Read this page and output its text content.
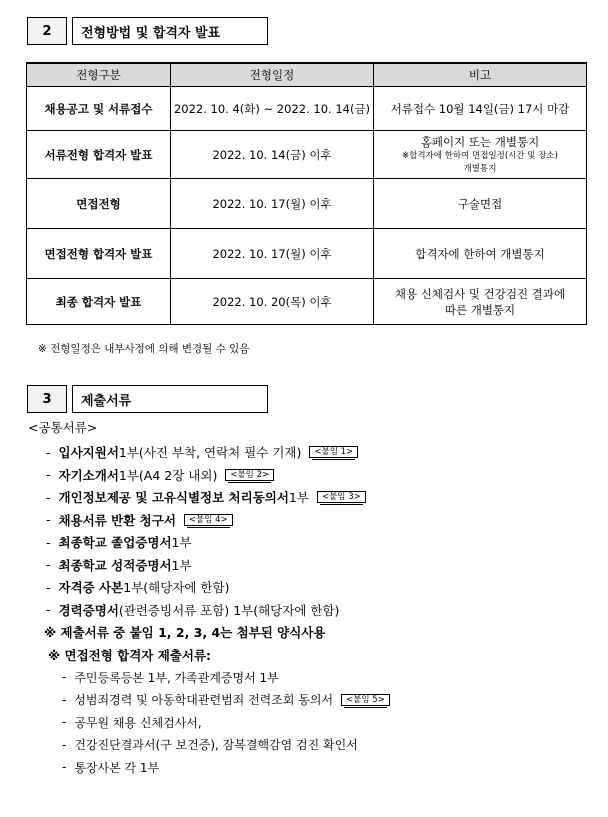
2	전형방법 및 합격자 발표
전형구분	전형일정	비고
채용공고 및 서류접수	2022. 10. 4(화) ~ 2022. 10. 14(금)	서류접수 10월 14일(금) 17시 마감
서류전형 합격자 발표	2022. 10. 14(금) 이후	홈페이지 또는 개별통지
※합격자에 한하여 면접일정(시간 및 장소)
개별통지

면접전형	2022. 10. 17(월) 이후	구술면접
면접전형 합격자 발표	2022. 10. 17(월) 이후	합격자에 한하여 개별통지
최종 합격자 발표	2022. 10. 20(목) 이후	채용 신체검사 및 건강검진 결과에
따른 개별통지
※ 전형일정은 내부사정에 의해 변경될 수 있음
3	제출서류
<공통서류>
- 입사지원서 1부(사진 부착, 연락처 필수 기재)	<붙임 1>
- 자기소개서 1부(A4 2장 내외)	<붙임 2>
- 개인정보제공 및 고유식별정보 처리동의서 1부	<붙임 3>
- 채용서류 반환 청구서	<붙임 4>
- 최종학교 졸업증명서 1부
- 최종학교 성적증명서 1부
- 자격증 사본 1부(해당자에 한함)
- 경력증명서 (관련증빙서류 포함) 1부(해당자에 한함)
※ 제출서류 중 붙임 1, 2, 3, 4는 첨부된 양식사용
※ 면접전형 합격자 제출서류:
- 주민등록등본 1부, 가족관계증명서 1부
- 성범죄경력 및 아동학대관련범죄 전력조회 동의서	<붙임 5>
- 공무원 채용 신체검사서,
- 건강진단결과서(구 보건증), 잠복결핵감염 검진 확인서
- 통장사본 각 1부
